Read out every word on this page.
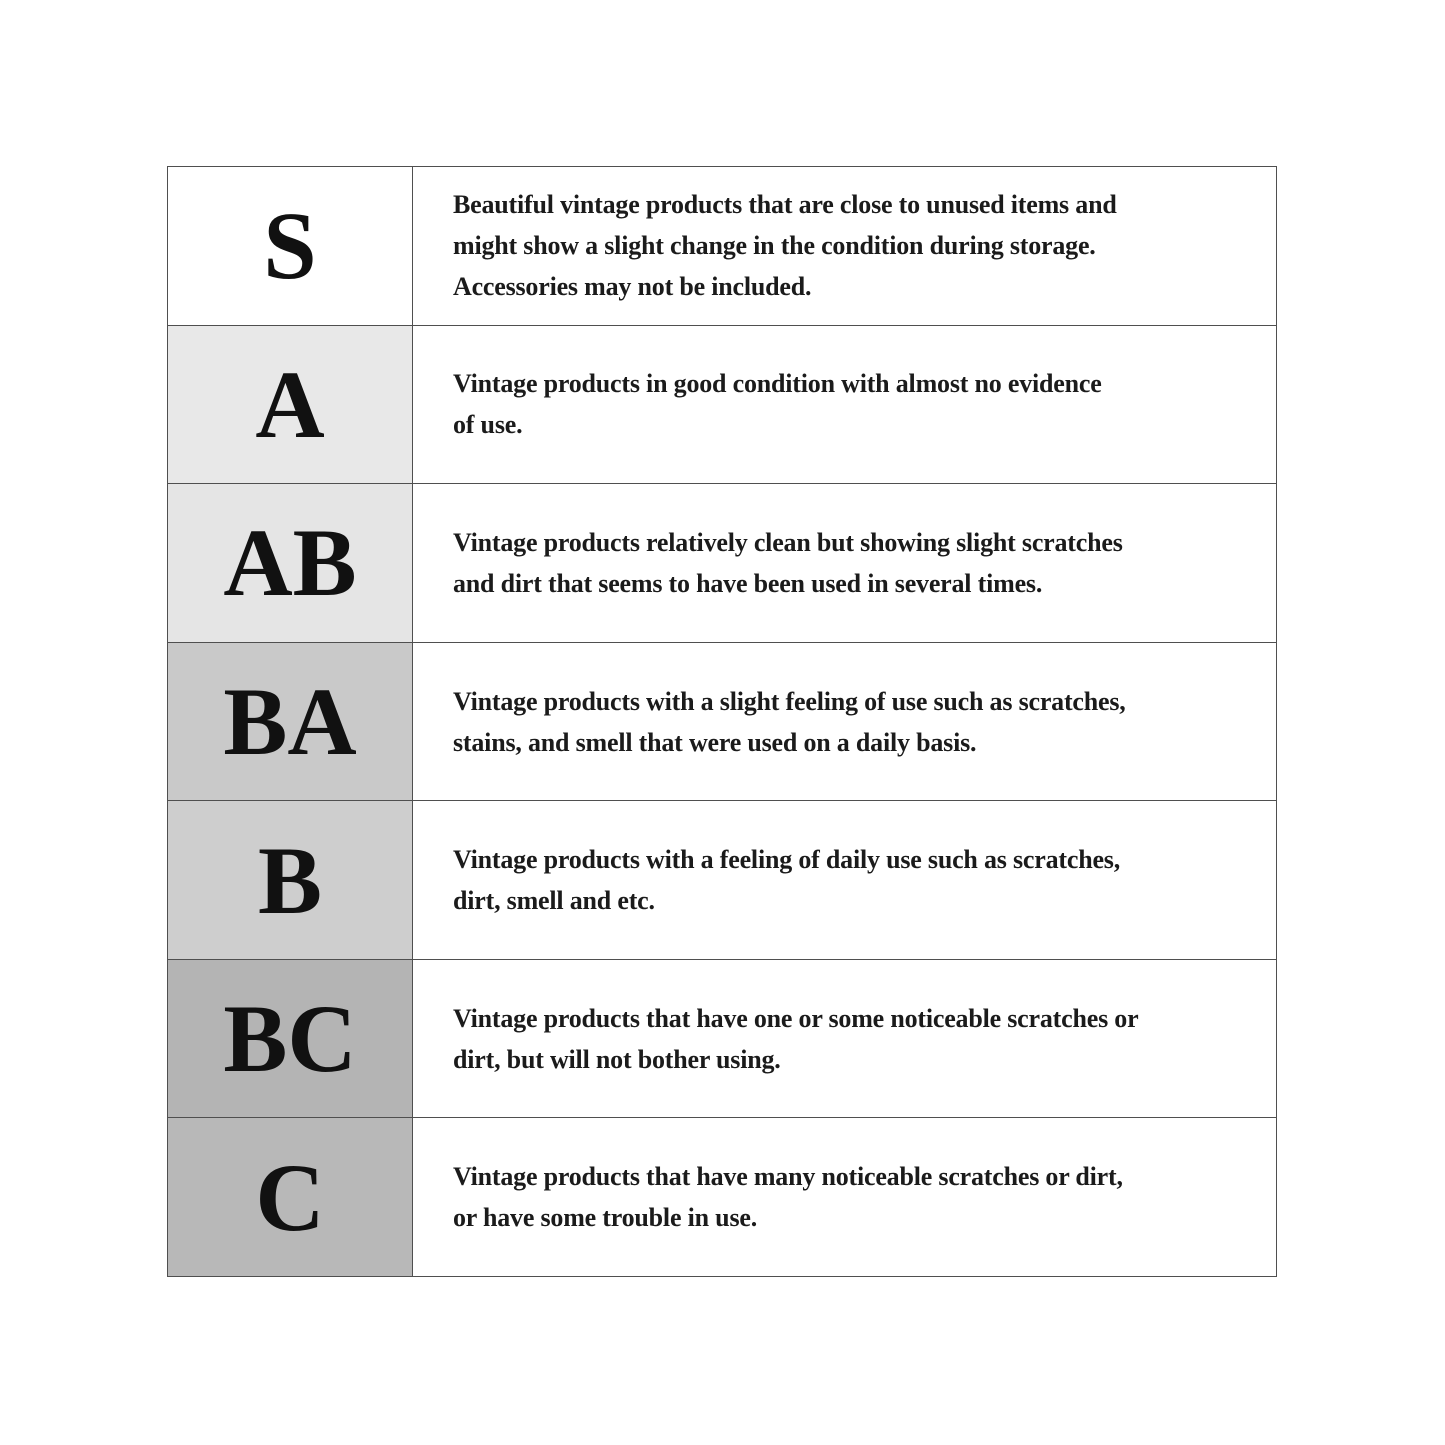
S	Beautiful vintage products that are close to unused items and
might show a slight change in the condition during storage.
Accessories may not be included.

A	Vintage products in good condition with almost no evidence
of use.

AB	Vintage products relatively clean but showing slight scratches
and dirt that seems to have been used in several times.

BA	Vintage products with a slight feeling of use such as scratches,
stains, and smell that were used on a daily basis.

B	Vintage products with a feeling of daily use such as scratches,
dirt, smell and etc.

BC	Vintage products that have one or some noticeable scratches or
dirt, but will not bother using.

C	Vintage products that have many noticeable scratches or dirt,
or have some trouble in use.
